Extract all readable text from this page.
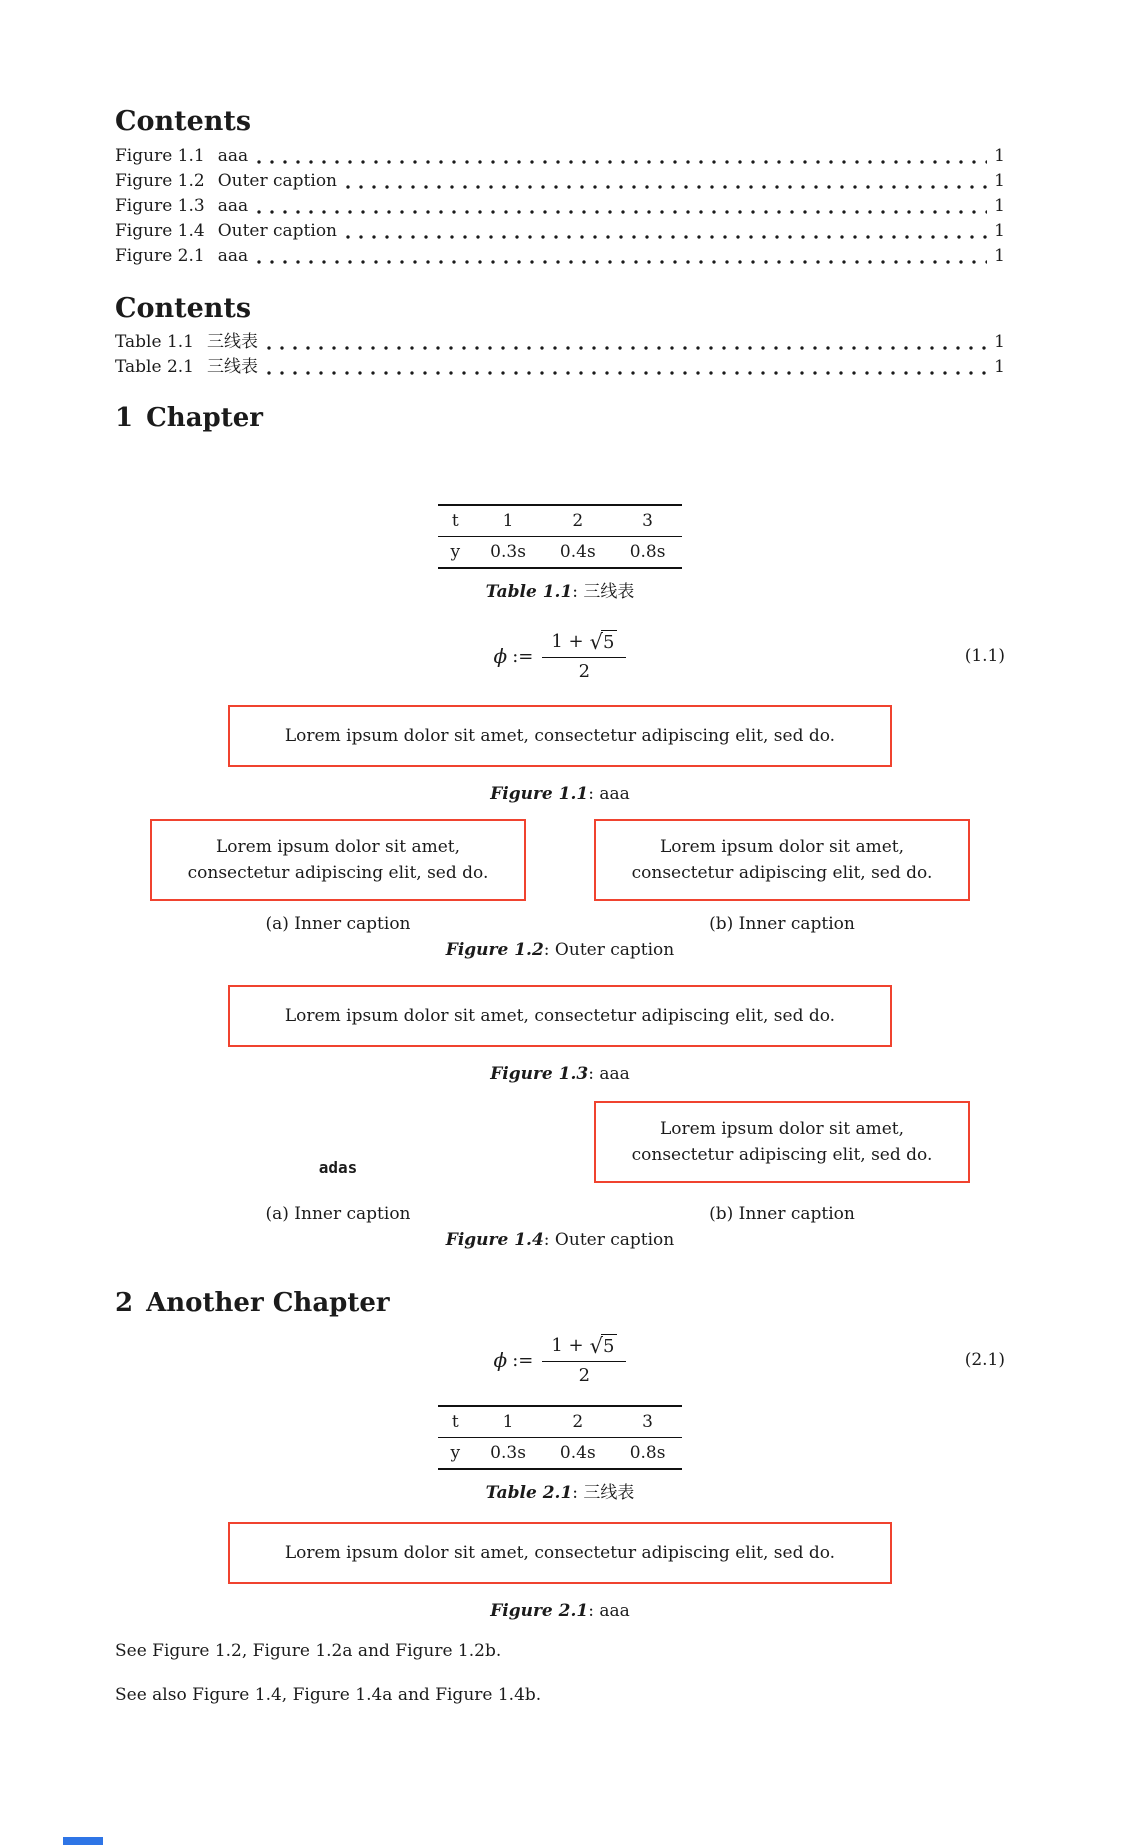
Contents
Figure 1.1 aaa	1
Figure 1.2 Outer caption	1
Figure 1.3 aaa	1
Figure 1.4 Outer caption	1
Figure 2.1 aaa	1
Contents
Table 1.1 三线表	1
Table 2.1 三线表	1
1 Chapter
t	1	2	3
y	0.3s	0.4s	0.8s
Table 1.1: 三线表
ϕ := $\frac{1 + √ 5}{2}$	(1.1)
Lorem ipsum dolor sit amet, consectetur adipiscing elit, sed do.
Figure 1.1: aaa
Lorem ipsum dolor sit amet, consectetur adipiscing elit, sed do.
Lorem ipsum dolor sit amet, consectetur adipiscing elit, sed do.
(a) Inner caption	(b) Inner caption
Figure 1.2: Outer caption
Lorem ipsum dolor sit amet, consectetur adipiscing elit, sed do.
Figure 1.3: aaa
adas
Lorem ipsum dolor sit amet, consectetur adipiscing elit, sed do.
(a) Inner caption	(b) Inner caption
Figure 1.4: Outer caption
2 Another Chapter
ϕ := $\frac{1 + √ 5}{2}$	(2.1)
t	1	2	3
y	0.3s	0.4s	0.8s
Table 2.1: 三线表
Lorem ipsum dolor sit amet, consectetur adipiscing elit, sed do.
Figure 2.1: aaa

See Figure 1.2, Figure 1.2a and Figure 1.2b.

See also Figure 1.4, Figure 1.4a and Figure 1.4b.
